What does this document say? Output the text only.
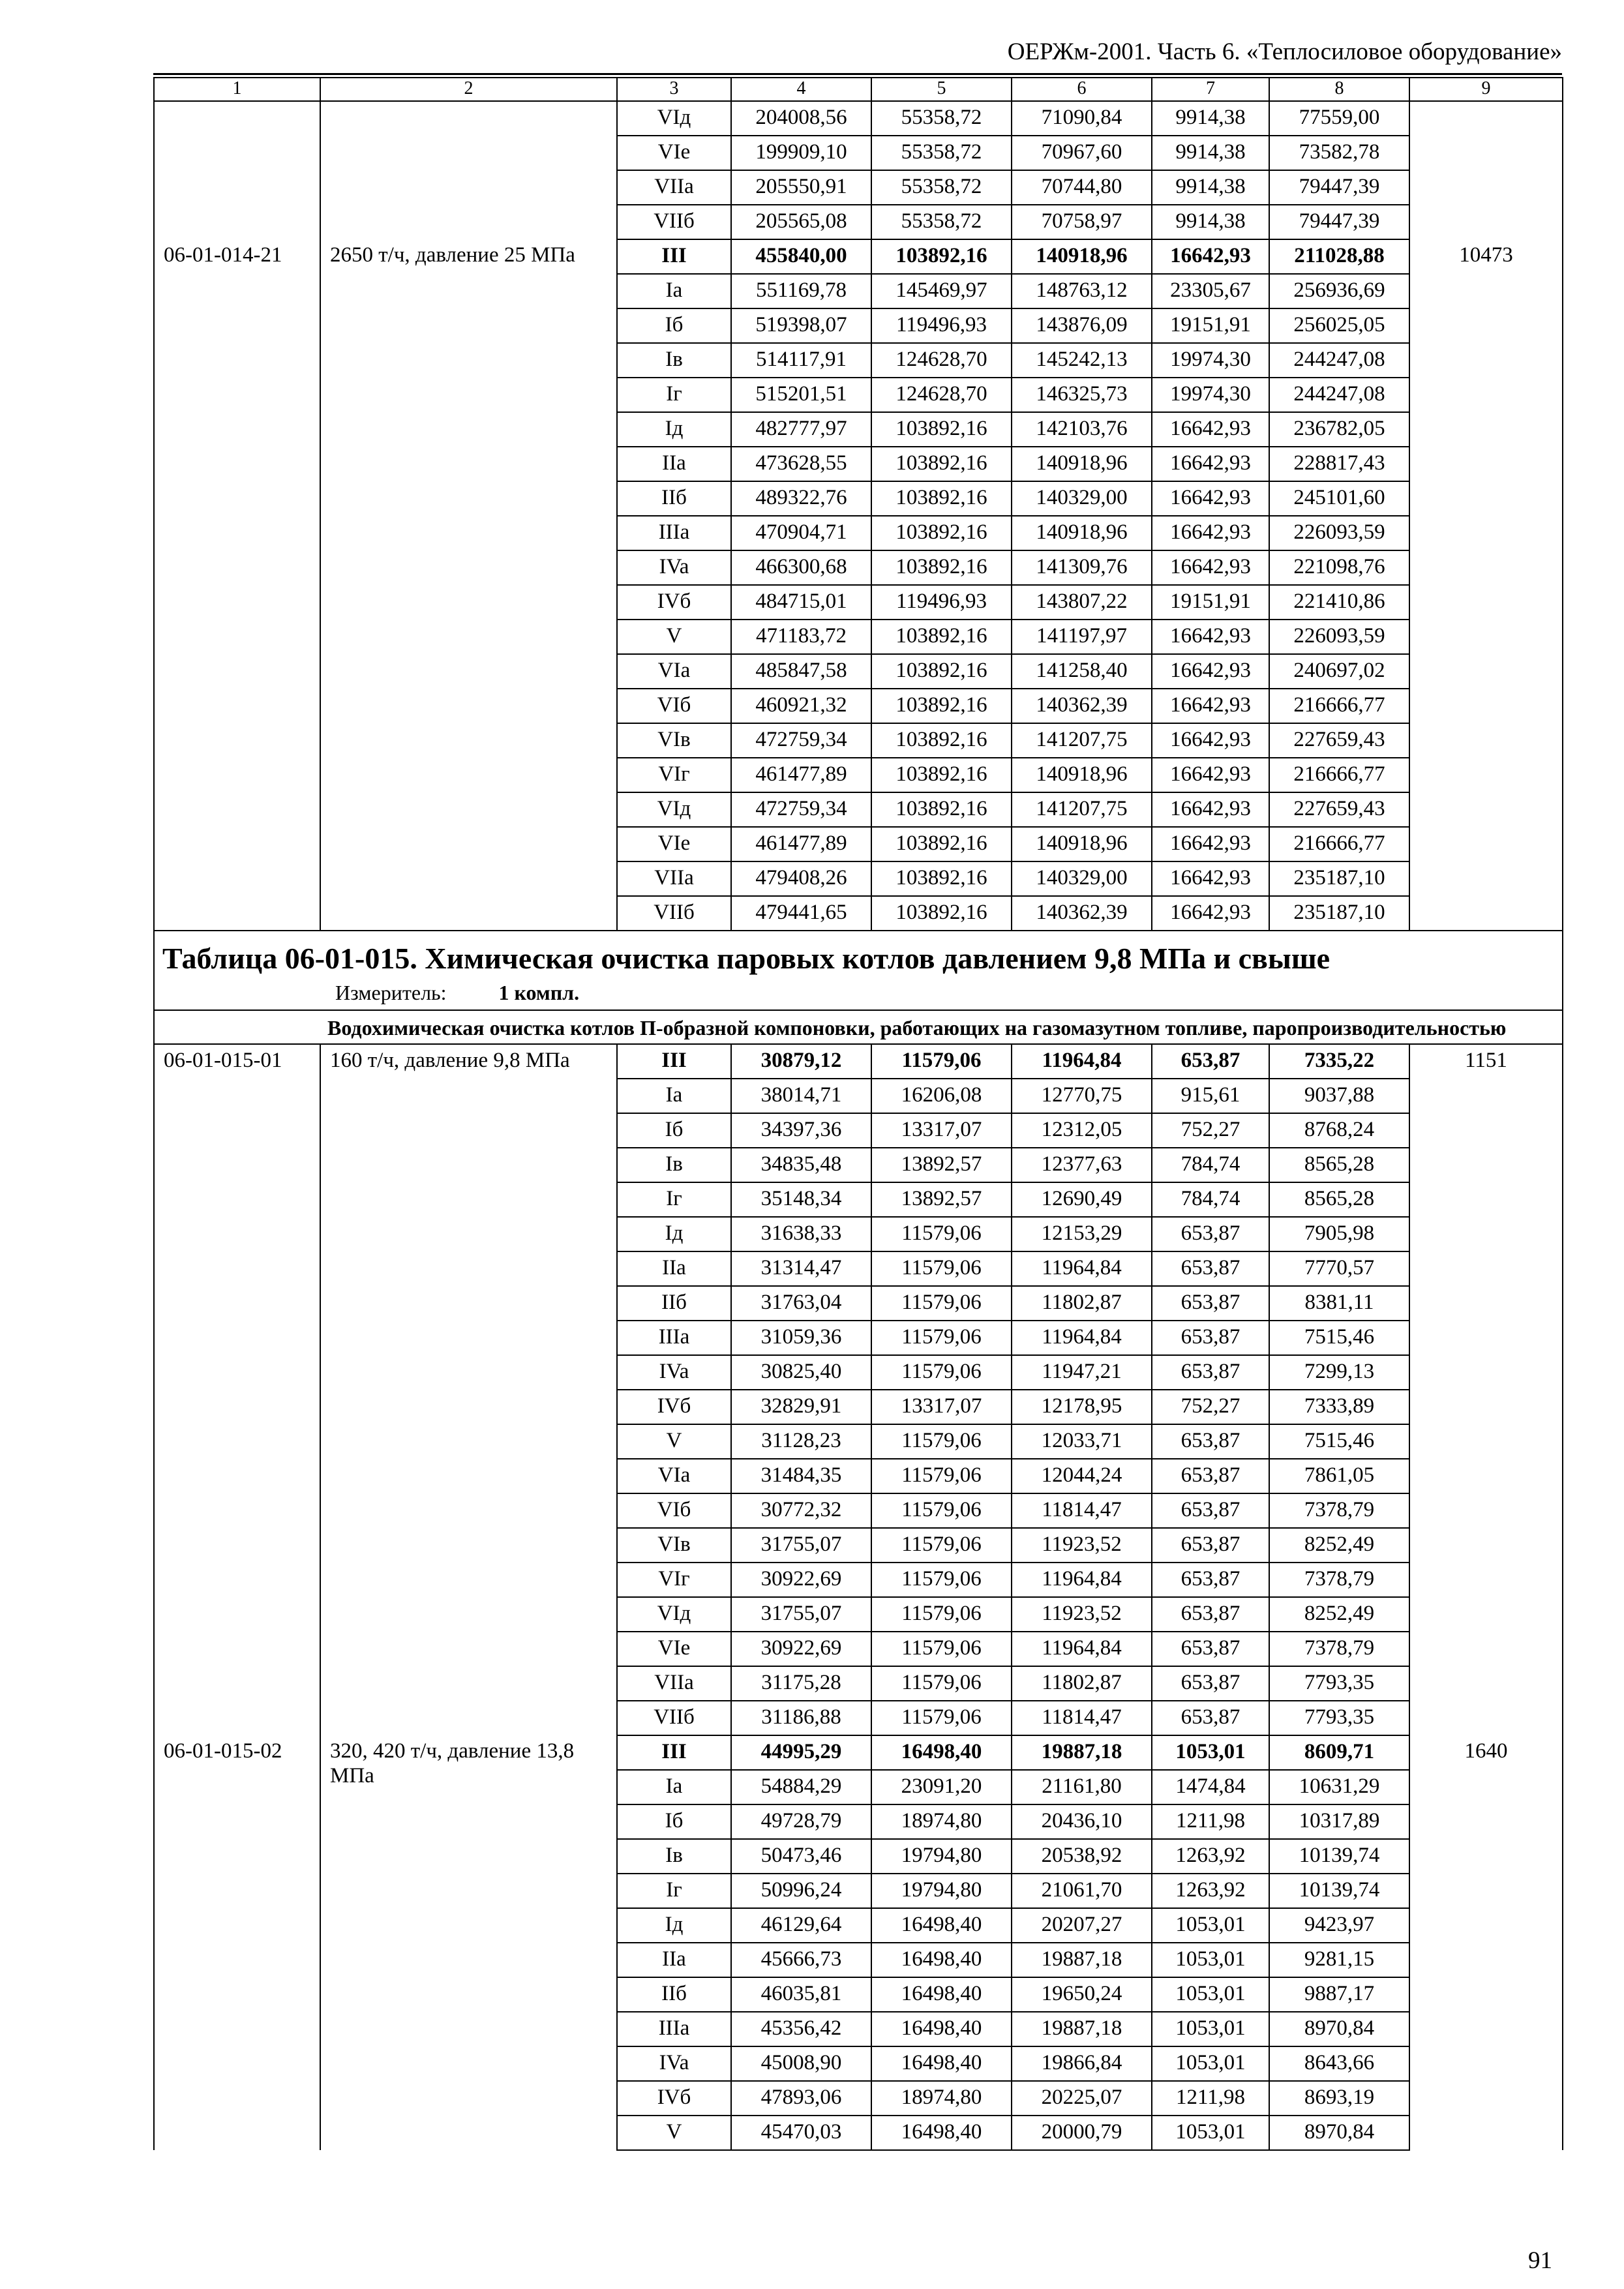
ОЕРЖм-2001. Часть 6. «Теплосиловое оборудование»
1	2	3	4	5	6	7	8	9
		VIд	204008,56	55358,72	71090,84	9914,38	77559,00	
		VIe	199909,10	55358,72	70967,60	9914,38	73582,78	
		VIIa	205550,91	55358,72	70744,80	9914,38	79447,39	
		VIIб	205565,08	55358,72	70758,97	9914,38	79447,39	
06-01-014-21	2650 т/ч, давление 25 МПа	III	455840,00	103892,16	140918,96	16642,93	211028,88	10473
		Ia	551169,78	145469,97	148763,12	23305,67	256936,69	
		Iб	519398,07	119496,93	143876,09	19151,91	256025,05	
		Iв	514117,91	124628,70	145242,13	19974,30	244247,08	
		Iг	515201,51	124628,70	146325,73	19974,30	244247,08	
		Iд	482777,97	103892,16	142103,76	16642,93	236782,05	
		IIa	473628,55	103892,16	140918,96	16642,93	228817,43	
		IIб	489322,76	103892,16	140329,00	16642,93	245101,60	
		IIIa	470904,71	103892,16	140918,96	16642,93	226093,59	
		IVa	466300,68	103892,16	141309,76	16642,93	221098,76	
		IVб	484715,01	119496,93	143807,22	19151,91	221410,86	
		V	471183,72	103892,16	141197,97	16642,93	226093,59	
		VIa	485847,58	103892,16	141258,40	16642,93	240697,02	
		VIб	460921,32	103892,16	140362,39	16642,93	216666,77	
		VIв	472759,34	103892,16	141207,75	16642,93	227659,43	
		VIг	461477,89	103892,16	140918,96	16642,93	216666,77	
		VIд	472759,34	103892,16	141207,75	16642,93	227659,43	
		VIe	461477,89	103892,16	140918,96	16642,93	216666,77	
		VIIa	479408,26	103892,16	140329,00	16642,93	235187,10	
		VIIб	479441,65	103892,16	140362,39	16642,93	235187,10	

Таблица 06-01-015. Химическая очистка паровых котлов давлением 9,8 МПа и свыше
Измеритель: 1 компл.								

Водохимическая очистка котлов П-образной компоновки, работающих на газомазутном топливе, паропроизводительностью								
06-01-015-01	160 т/ч, давление 9,8 МПа	III	30879,12	11579,06	11964,84	653,87	7335,22	1151
		Ia	38014,71	16206,08	12770,75	915,61	9037,88	
		Iб	34397,36	13317,07	12312,05	752,27	8768,24	
		Iв	34835,48	13892,57	12377,63	784,74	8565,28	
		Iг	35148,34	13892,57	12690,49	784,74	8565,28	
		Iд	31638,33	11579,06	12153,29	653,87	7905,98	
		IIa	31314,47	11579,06	11964,84	653,87	7770,57	
		IIб	31763,04	11579,06	11802,87	653,87	8381,11	
		IIIa	31059,36	11579,06	11964,84	653,87	7515,46	
		IVa	30825,40	11579,06	11947,21	653,87	7299,13	
		IVб	32829,91	13317,07	12178,95	752,27	7333,89	
		V	31128,23	11579,06	12033,71	653,87	7515,46	
		VIa	31484,35	11579,06	12044,24	653,87	7861,05	
		VIб	30772,32	11579,06	11814,47	653,87	7378,79	
		VIв	31755,07	11579,06	11923,52	653,87	8252,49	
		VIг	30922,69	11579,06	11964,84	653,87	7378,79	
		VIд	31755,07	11579,06	11923,52	653,87	8252,49	
		VIe	30922,69	11579,06	11964,84	653,87	7378,79	
		VIIa	31175,28	11579,06	11802,87	653,87	7793,35	
		VIIб	31186,88	11579,06	11814,47	653,87	7793,35	
06-01-015-02	320, 420 т/ч, давление 13,8 МПа	III	44995,29	16498,40	19887,18	1053,01	8609,71	1640
		Ia	54884,29	23091,20	21161,80	1474,84	10631,29	
		Iб	49728,79	18974,80	20436,10	1211,98	10317,89	
		Iв	50473,46	19794,80	20538,92	1263,92	10139,74	
		Iг	50996,24	19794,80	21061,70	1263,92	10139,74	
		Iд	46129,64	16498,40	20207,27	1053,01	9423,97	
		IIa	45666,73	16498,40	19887,18	1053,01	9281,15	
		IIб	46035,81	16498,40	19650,24	1053,01	9887,17	
		IIIa	45356,42	16498,40	19887,18	1053,01	8970,84	
		IVa	45008,90	16498,40	19866,84	1053,01	8643,66	
		IVб	47893,06	18974,80	20225,07	1211,98	8693,19	
		V	45470,03	16498,40	20000,79	1053,01	8970,84	
91
